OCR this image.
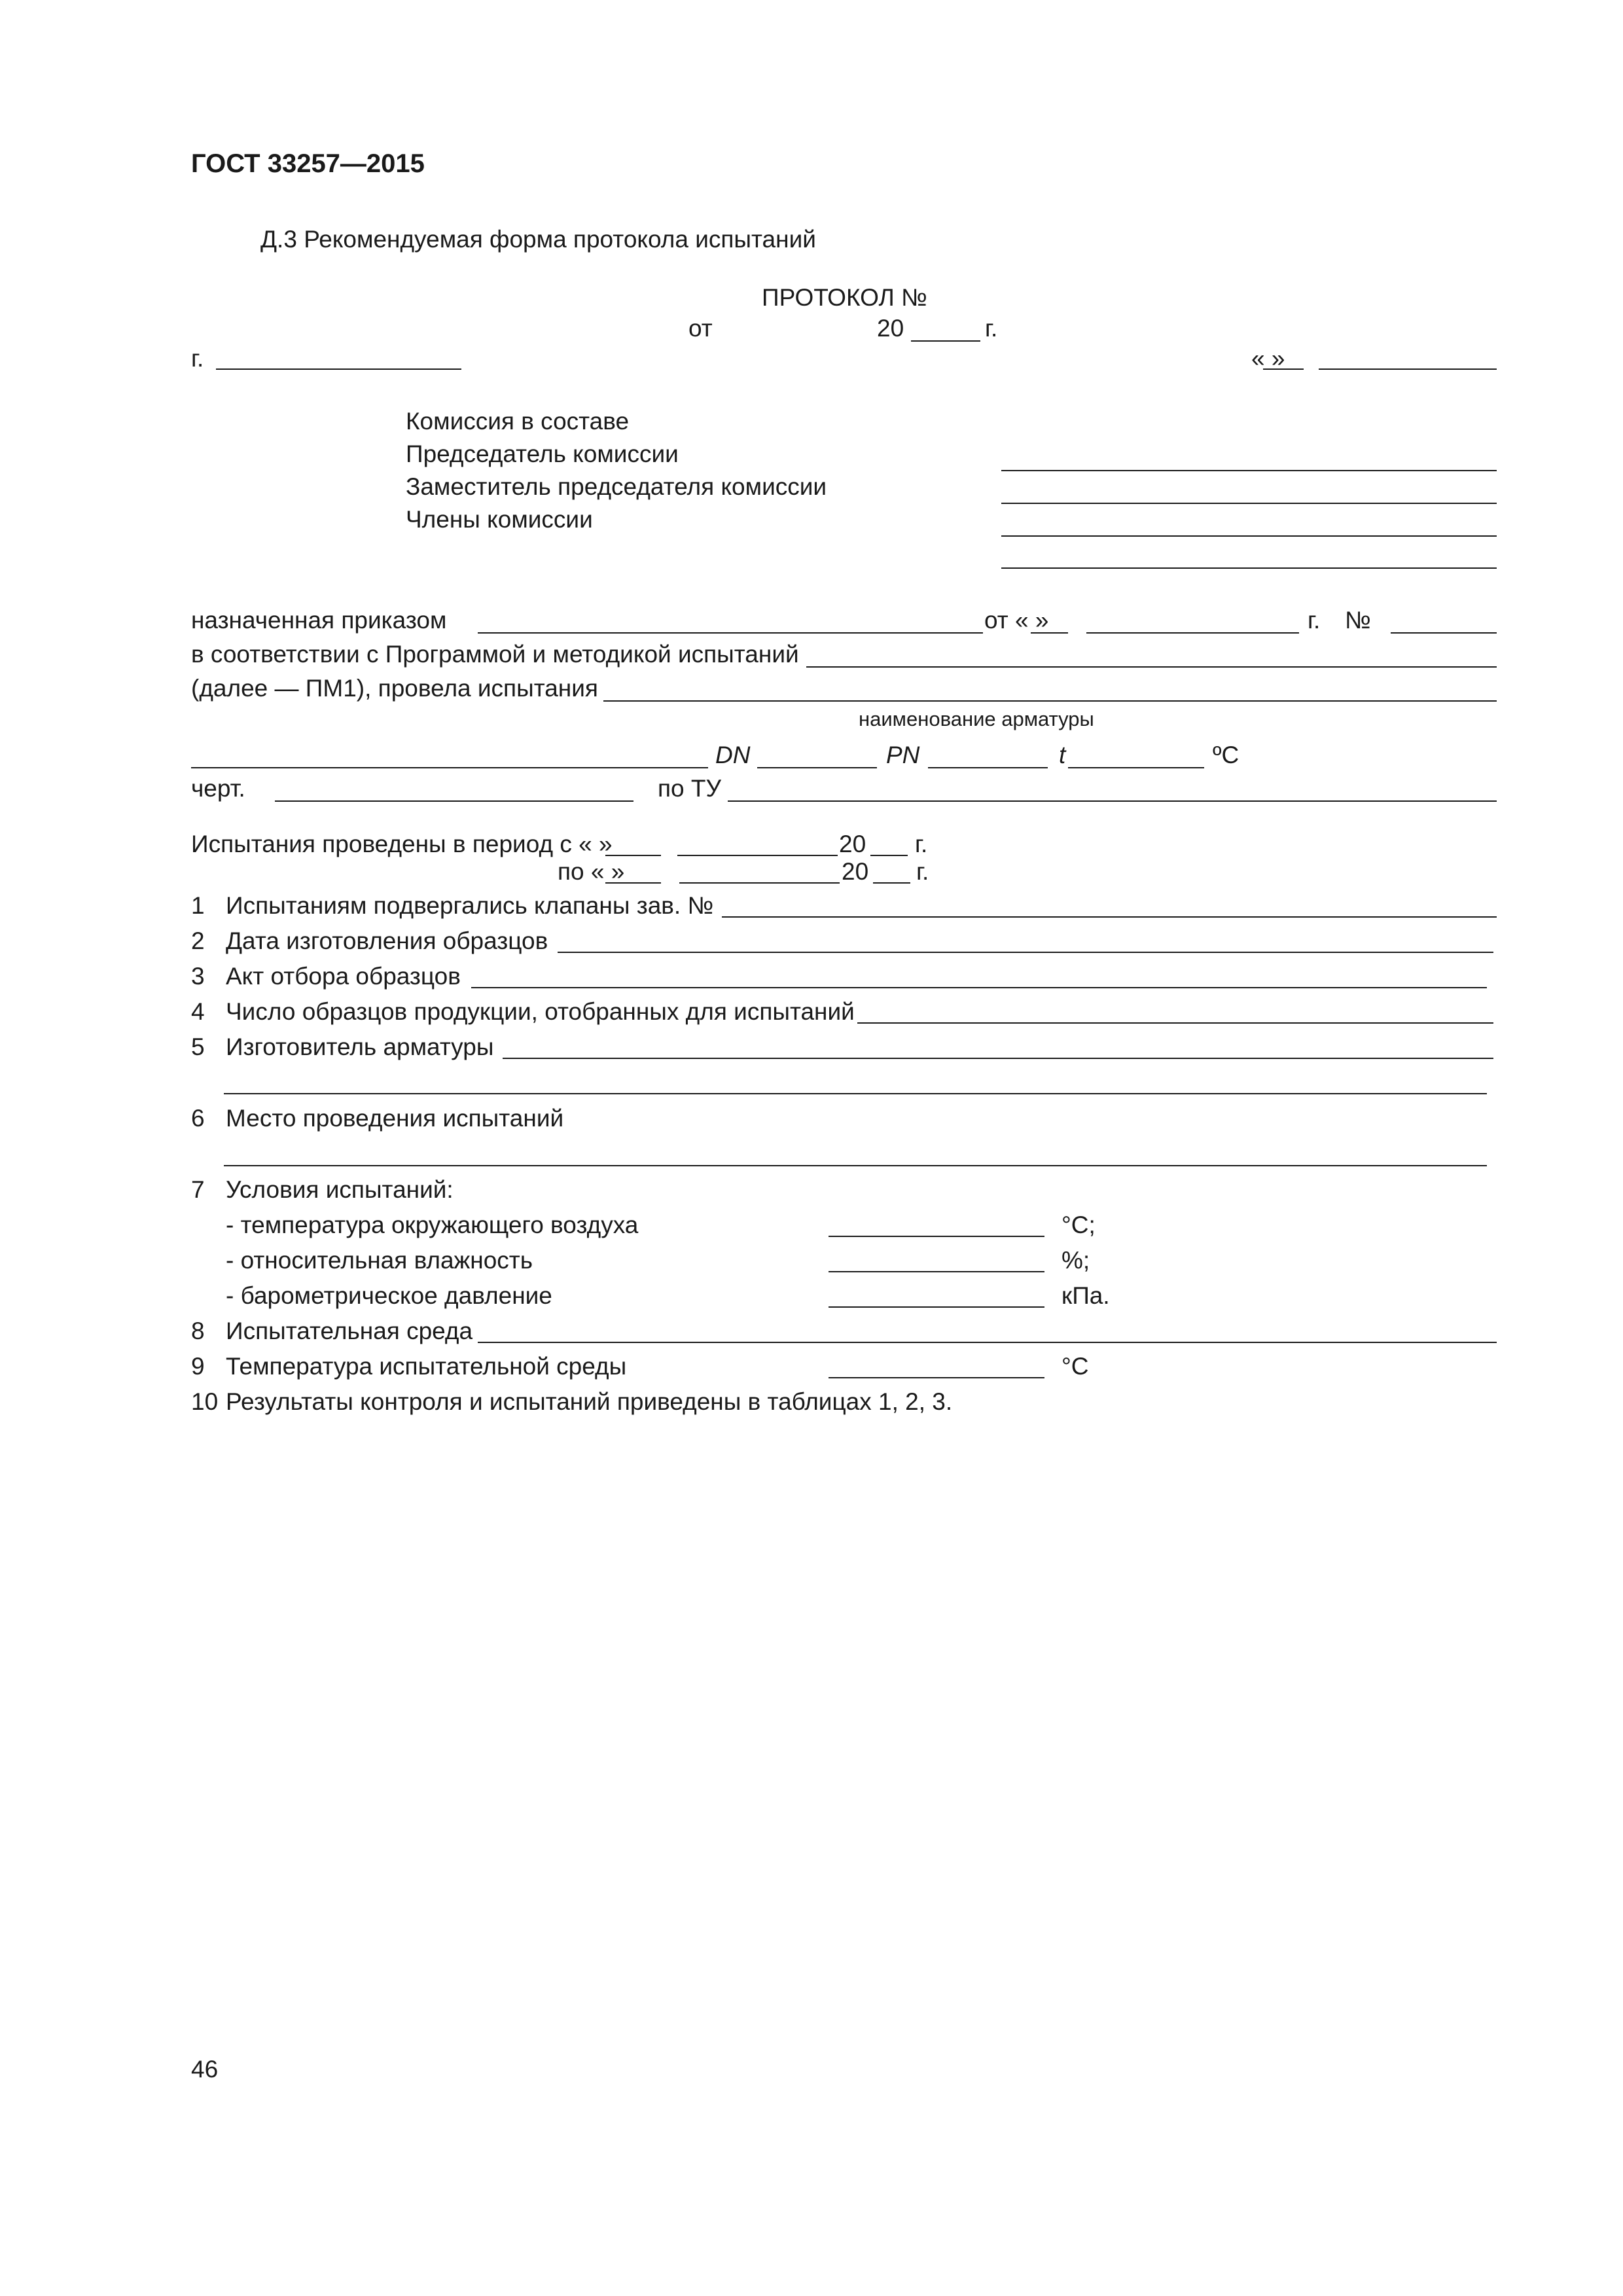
ГОСТ 33257—2015
Д.3 Рекомендуемая форма протокола испытаний
ПРОТОКОЛ №
от	20	г.
г.	« »
Комиссия в составе
Председатель комиссии
Заместитель председателя комиссии
Члены комиссии
назначенная приказом	от « »	г. №
в соответствии с Программой и методикой испытаний
(далее — ПМ1), провела испытания
наименование арматуры
DN	PN	t	ºС
черт.	по ТУ
Испытания проведены в период с « »	20 г.
по « »	20 г.
1 Испытаниям подвергались клапаны зав. №
2 Дата изготовления образцов
3 Акт отбора образцов
4 Число образцов продукции, отобранных для испытаний
5 Изготовитель арматуры
6 Место проведения испытаний
7 Условия испытаний:
- температура окружающего воздуха	°С;
- относительная влажность	%;
- барометрическое давление	кПа.
8 Испытательная среда
9 Температура испытательной среды	°С
10 Результаты контроля и испытаний приведены в таблицах 1, 2, 3.
46
